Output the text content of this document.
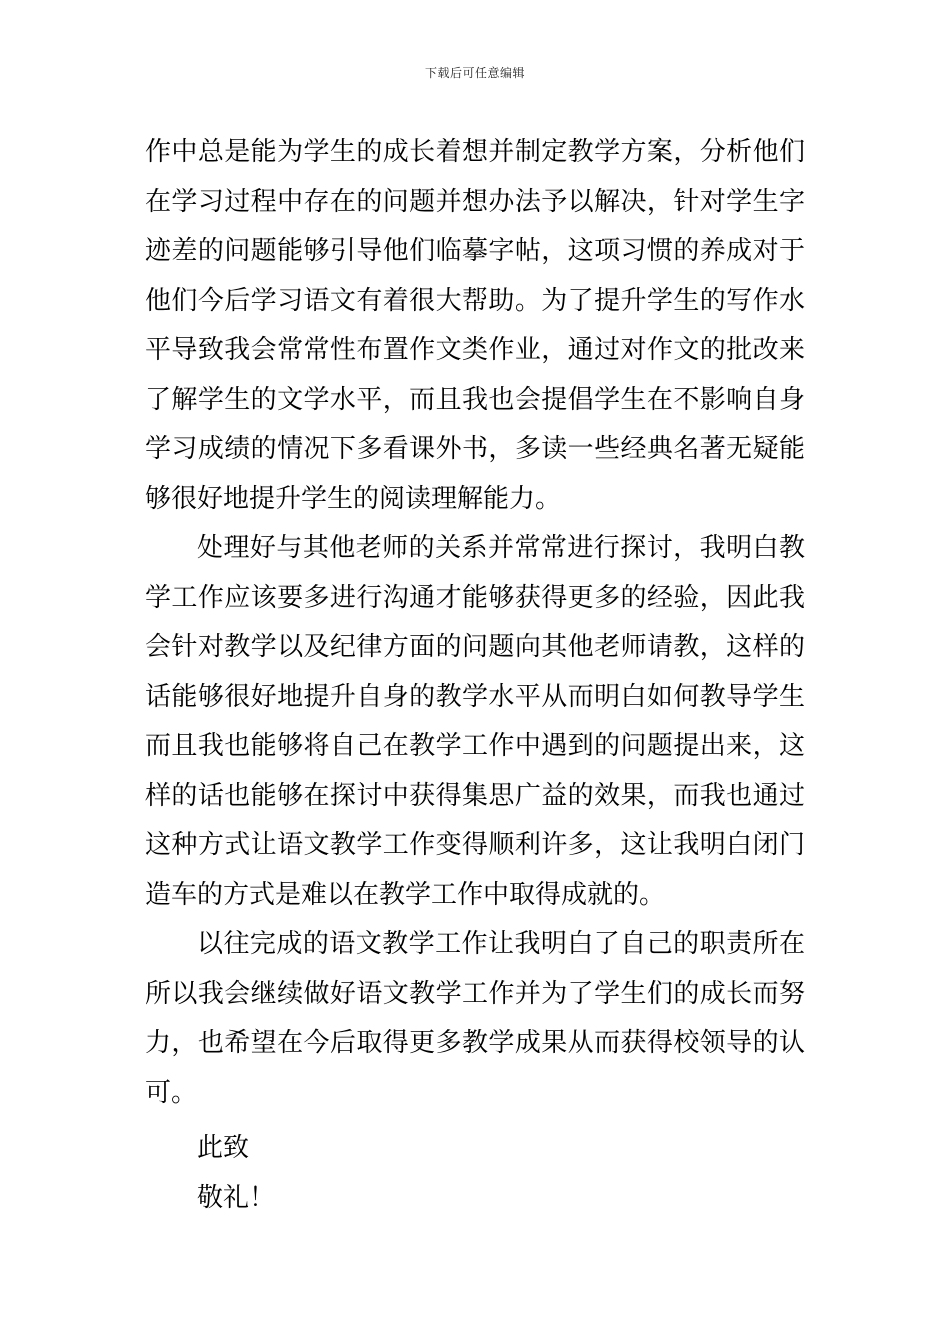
下载后可任意编辑
作中总是能为学生的成长着想并制定教学方案，分析他们
在学习过程中存在的问题并想办法予以解决，针对学生字
迹差的问题能够引导他们临摹字帖，这项习惯的养成对于
他们今后学习语文有着很大帮助。为了提升学生的写作水
平导致我会常常性布置作文类作业，通过对作文的批改来
了解学生的文学水平，而且我也会提倡学生在不影响自身
学习成绩的情况下多看课外书，多读一些经典名著无疑能
够很好地提升学生的阅读理解能力。
处理好与其他老师的关系并常常进行探讨，我明白教
学工作应该要多进行沟通才能够获得更多的经验，因此我
会针对教学以及纪律方面的问题向其他老师请教，这样的
话能够很好地提升自身的教学水平从而明白如何教导学生
而且我也能够将自己在教学工作中遇到的问题提出来，这
样的话也能够在探讨中获得集思广益的效果，而我也通过
这种方式让语文教学工作变得顺利许多，这让我明白闭门
造车的方式是难以在教学工作中取得成就的。
以往完成的语文教学工作让我明白了自己的职责所在
所以我会继续做好语文教学工作并为了学生们的成长而努
力，也希望在今后取得更多教学成果从而获得校领导的认
可。
此致
敬礼！
